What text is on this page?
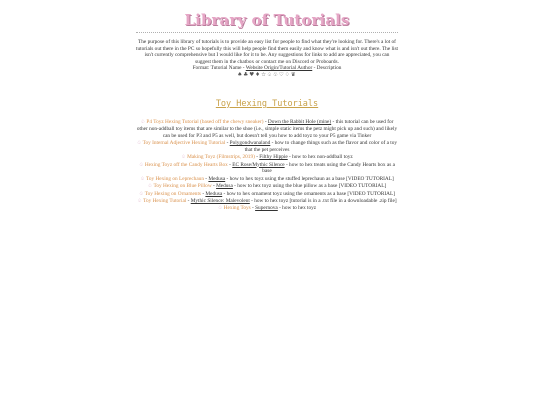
Library of Tutorials
The purpose of this library of tutorials is to provide an easy list for people to find what they're looking for. There's a lot of tutorials out there in the PC so hopefully this will help people find them easily and know what is and isn't out there. The list isn't currently comprehensive but I would like for it to be. Any suggestions for links to add are appreciated, you can suggest them in the chatbox or contact me on Discord or Proboards.
Format: Tutorial Name - Website Origin/Tutorial Author - Description
♠♣♥♦☆♤♧♡♢♛
Toy Hexing Tutorials
♤ P4 Toyz Hexing Tutorial (based off the chewy sneaker) - Down the Rabbit Hole (mine) - this tutorial can be used for other non-addball toy items that are similar to the shoe (i.e., simple static items the petz might pick up and such) and likely can be used for P3 and P5 as well, but doesn't tell you how to add toyz to your P5 game via Tinker
♤ Toy Internal Adjective Hexing Tutorial - Polygondwanaland - how to change things such as the flavor and color of a toy that the pet perceives
♤ Making Toyz (Filmstrips, 2019) - Filthy Hippie - how to hex non-addball toyz
♤ Hexing Toyz off the Candy Hearts Box - EC Rose/Mythic Silence - how to hex treats using the Candy Hearts box as a base
♤ Toy Hexing on Leprechaun - Medusa - how to hex toyz using the stuffed leprechaun as a base [VIDEO TUTORIAL]
♤ Toy Hexing on Blue Pillow - Medusa - how to hex toyz using the blue pillow as a base [VIDEO TUTORIAL]
♤ Toy Hexing on Ornaments - Medusa - how to hex ornament toyz using the ornaments as a base [VIDEO TUTORIAL]
♤ Toy Hexing Tutorial - Mythic Silence: Malevolent - how to hex toyz [tutorial is in a .txt file in a downloadable .zip file]
♤ Hexing Toys - Supernova - how to hex toyz
